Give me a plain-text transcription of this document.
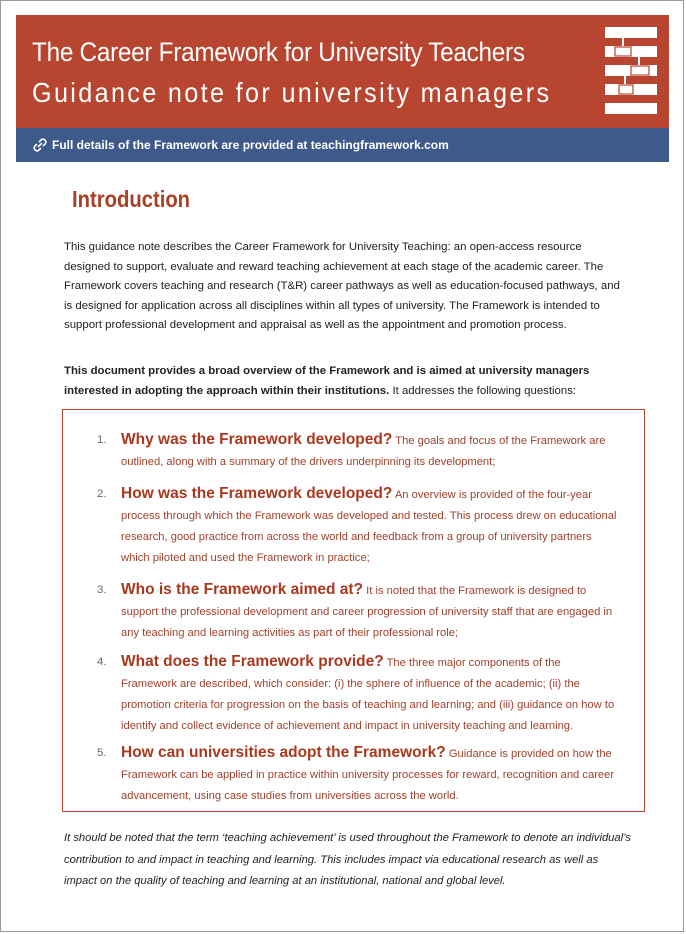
The Career Framework for University Teachers
Guidance note for university managers
Full details of the Framework are provided at teachingframework.com
Introduction
This guidance note describes the Career Framework for University Teaching: an open-access resource designed to support, evaluate and reward teaching achievement at each stage of the academic career. The Framework covers teaching and research (T&R) career pathways as well as education-focused pathways, and is designed for application across all disciplines within all types of university. The Framework is intended to support professional development and appraisal as well as the appointment and promotion process.
This document provides a broad overview of the Framework and is aimed at university managers interested in adopting the approach within their institutions. It addresses the following questions:
1. Why was the Framework developed? The goals and focus of the Framework are outlined, along with a summary of the drivers underpinning its development;
2. How was the Framework developed? An overview is provided of the four-year process through which the Framework was developed and tested. This process drew on educational research, good practice from across the world and feedback from a group of university partners which piloted and used the Framework in practice;
3. Who is the Framework aimed at? It is noted that the Framework is designed to support the professional development and career progression of university staff that are engaged in any teaching and learning activities as part of their professional role;
4. What does the Framework provide? The three major components of the Framework are described, which consider: (i) the sphere of influence of the academic; (ii) the promotion criteria for progression on the basis of teaching and learning; and (iii) guidance on how to identify and collect evidence of achievement and impact in university teaching and learning.
5. How can universities adopt the Framework? Guidance is provided on how the Framework can be applied in practice within university processes for reward, recognition and career advancement, using case studies from universities across the world.
It should be noted that the term ‘teaching achievement’ is used throughout the Framework to denote an individual’s contribution to and impact in teaching and learning. This includes impact via educational research as well as impact on the quality of teaching and learning at an institutional, national and global level.
